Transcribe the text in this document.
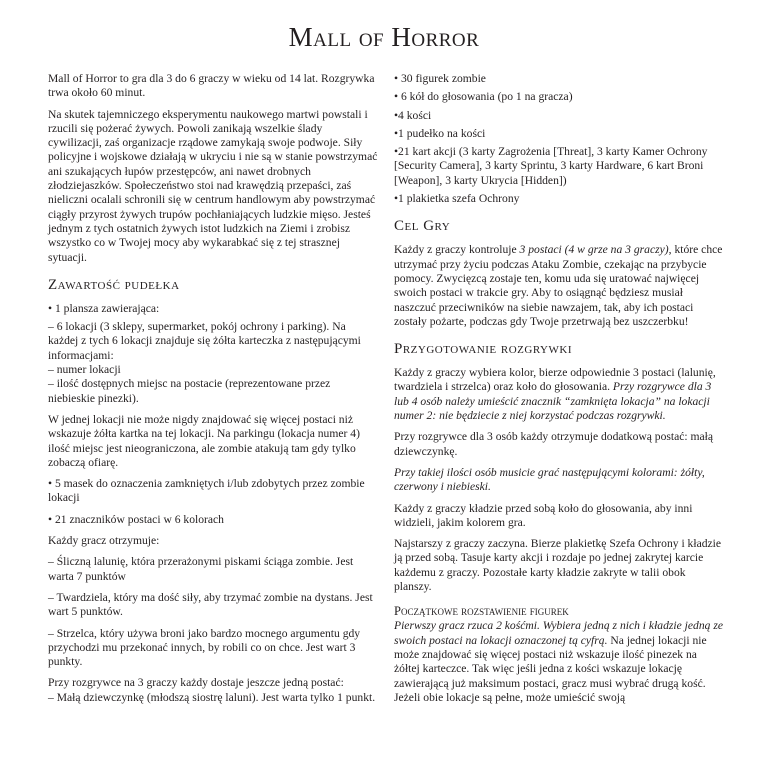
Mall of Horror

Mall of Horror to gra dla 3 do 6 graczy w wieku od 14 lat. Rozgrywka trwa około 60 minut.

Na skutek tajemniczego eksperymentu naukowego martwi powstali i rzucili się pożerać żywych. Powoli zanikają wszelkie ślady cywilizacji, zaś organizacje rządowe zamykają swoje podwoje. Siły policyjne i wojskowe działają w ukryciu i nie są w stanie powstrzymać ani szukających łupów przestępców, ani nawet drobnych złodziejaszków. Społeczeństwo stoi nad krawędzią przepaści, zaś nieliczni ocalali schronili się w centrum handlowym aby powstrzymać ciągły przyrost żywych trupów pochłaniających ludzkie mięso. Jesteś jednym z tych ostatnich żywych istot ludzkich na Ziemi i zrobisz wszystko co w Twojej mocy aby wykarabkać się z tej strasznej sytuacji.

Zawartość pudełka

• 1 plansza zawierająca:

– 6 lokacji (3 sklepy, supermarket, pokój ochrony i parking). Na każdej z tych 6 lokacji znajduje się żółta karteczka z następującymi informacjami:

– numer lokacji

– ilość dostępnych miejsc na postacie (reprezentowane przez niebieskie pinezki).

W jednej lokacji nie może nigdy znajdować się więcej postaci niż wskazuje żółta kartka na tej lokacji. Na parkingu (lokacja numer 4) ilość miejsc jest nieograniczona, ale zombie atakują tam gdy tylko zobaczą ofiarę.

• 5 masek do oznaczenia zamkniętych i/lub zdobytych przez zombie lokacji

• 21 znaczników postaci w 6 kolorach

Każdy gracz otrzymuje:

– Śliczną lalunię, która przerażonymi piskami ściąga zombie. Jest warta 7 punktów

– Twardziela, który ma dość siły, aby trzymać zombie na dystans. Jest wart 5 punktów.

– Strzelca, który używa broni jako bardzo mocnego argumentu gdy przychodzi mu przekonać innych, by robili co on chce. Jest wart 3 punkty.

Przy rozgrywce na 3 graczy każdy dostaje jeszcze jedną postać:

– Małą dziewczynkę (młodszą siostrę laluni). Jest warta tylko 1 punkt.

• 30 figurek zombie

• 6 kół do głosowania (po 1 na gracza)

•4 kości

•1 pudełko na kości

•21 kart akcji (3 karty Zagrożenia [Threat], 3 karty Kamer Ochrony [Security Camera], 3 karty Sprintu, 3 karty Hardware, 6 kart Broni [Weapon], 3 karty Ukrycia [Hidden])

•1 plakietka szefa Ochrony

Cel Gry

Każdy z graczy kontroluje 3 postaci (4 w grze na 3 graczy), które chce utrzymać przy życiu podczas Ataku Zombie, czekając na przybycie pomocy. Zwycięzcą zostaje ten, komu uda się uratować najwięcej swoich postaci w trakcie gry. Aby to osiągnąć będziesz musiał naszczuć przeciwników na siebie nawzajem, tak, aby ich postaci zostały pożarte, podczas gdy Twoje przetrwają bez uszczerbku!

Przygotowanie rozgrywki

Każdy z graczy wybiera kolor, bierze odpowiednie 3 postaci (lalunię, twardziela i strzelca) oraz koło do głosowania. Przy rozgrywce dla 3 lub 4 osób należy umieścić znacznik “zamknięta lokacja” na lokacji numer 2: nie będziecie z niej korzystać podczas rozgrywki.

Przy rozgrywce dla 3 osób każdy otrzymuje dodatkową postać: małą dziewczynkę.

Przy takiej ilości osób musicie grać następującymi kolorami: żółty, czerwony i niebieski.

Każdy z graczy kładzie przed sobą koło do głosowania, aby inni widzieli, jakim kolorem gra.

Najstarszy z graczy zaczyna. Bierze plakietkę Szefa Ochrony i kładzie ją przed sobą. Tasuje karty akcji i rozdaje po jednej zakrytej karcie każdemu z graczy. Pozostałe karty kładzie zakryte w talii obok planszy.

Początkowe rozstawienie figurek

Pierwszy gracz rzuca 2 kośćmi. Wybiera jedną z nich i kładzie jedną ze swoich postaci na lokacji oznaczonej tą cyfrą. Na jednej lokacji nie może znajdować się więcej postaci niż wskazuje ilość pinezek na żółtej karteczce. Tak więc jeśli jedna z kości wskazuje lokację zawierającą już maksimum postaci, gracz musi wybrać drugą kość. Jeżeli obie lokacje są pełne, może umieścić swoją
